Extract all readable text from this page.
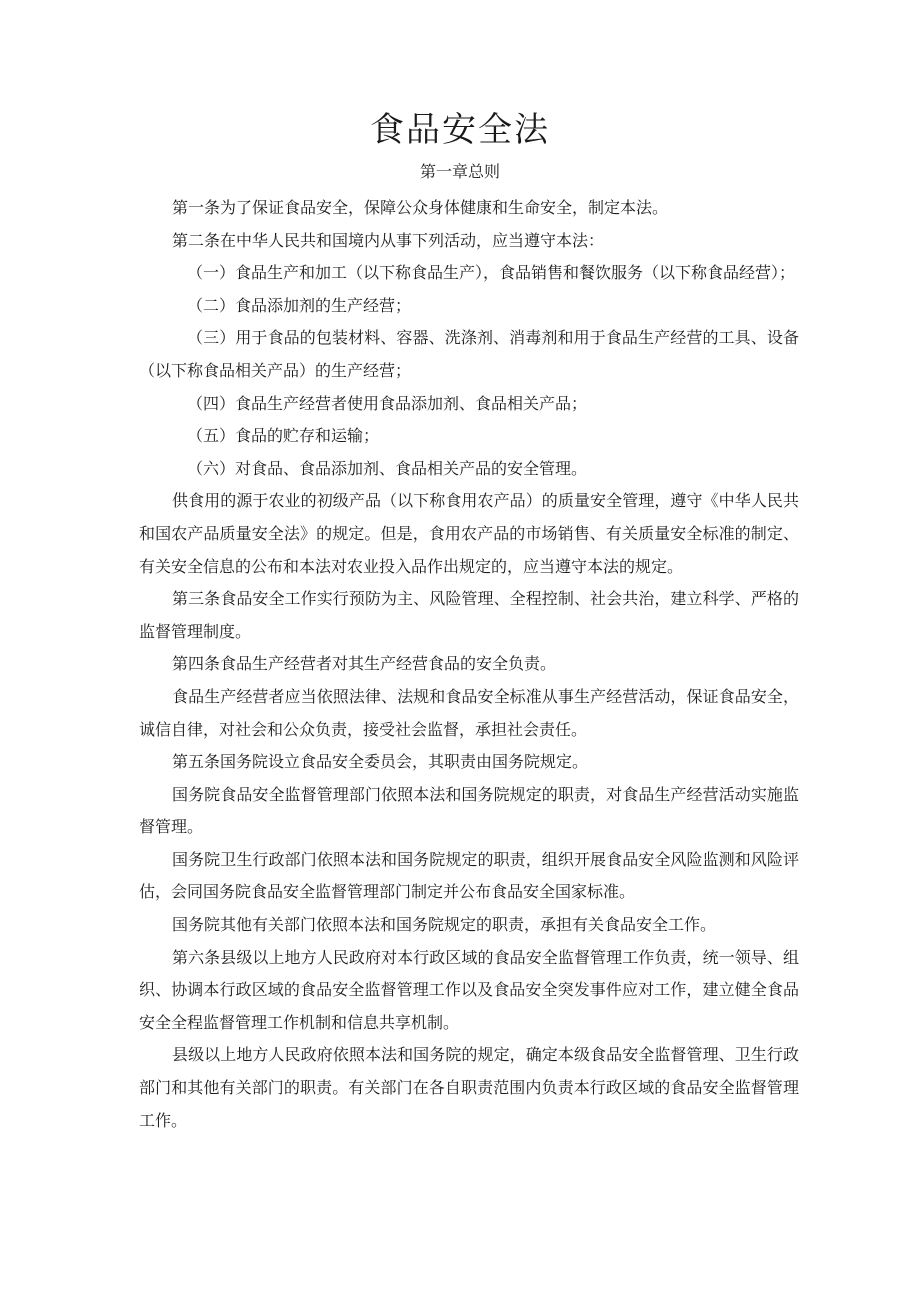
食品安全法
第一章总则

第一条为了保证食品安全，保障公众身体健康和生命安全，制定本法。

第二条在中华人民共和国境内从事下列活动，应当遵守本法：

（一）食品生产和加工（以下称食品生产），食品销售和餐饮服务（以下称食品经营）；

（二）食品添加剂的生产经营；

（三）用于食品的包装材料、容器、洗涤剂、消毒剂和用于食品生产经营的工具、设备（以下称食品相关产品）的生产经营；

（四）食品生产经营者使用食品添加剂、食品相关产品；

（五）食品的贮存和运输；

（六）对食品、食品添加剂、食品相关产品的安全管理。

供食用的源于农业的初级产品（以下称食用农产品）的质量安全管理，遵守《中华人民共和国农产品质量安全法》的规定。但是，食用农产品的市场销售、有关质量安全标准的制定、有关安全信息的公布和本法对农业投入品作出规定的，应当遵守本法的规定。

第三条食品安全工作实行预防为主、风险管理、全程控制、社会共治，建立科学、严格的监督管理制度。

第四条食品生产经营者对其生产经营食品的安全负责。

食品生产经营者应当依照法律、法规和食品安全标准从事生产经营活动，保证食品安全，诚信自律，对社会和公众负责，接受社会监督，承担社会责任。

第五条国务院设立食品安全委员会，其职责由国务院规定。

国务院食品安全监督管理部门依照本法和国务院规定的职责，对食品生产经营活动实施监督管理。

国务院卫生行政部门依照本法和国务院规定的职责，组织开展食品安全风险监测和风险评估，会同国务院食品安全监督管理部门制定并公布食品安全国家标准。

国务院其他有关部门依照本法和国务院规定的职责，承担有关食品安全工作。

第六条县级以上地方人民政府对本行政区域的食品安全监督管理工作负责，统一领导、组织、协调本行政区域的食品安全监督管理工作以及食品安全突发事件应对工作，建立健全食品安全全程监督管理工作机制和信息共享机制。

县级以上地方人民政府依照本法和国务院的规定，确定本级食品安全监督管理、卫生行政部门和其他有关部门的职责。有关部门在各自职责范围内负责本行政区域的食品安全监督管理工作。
